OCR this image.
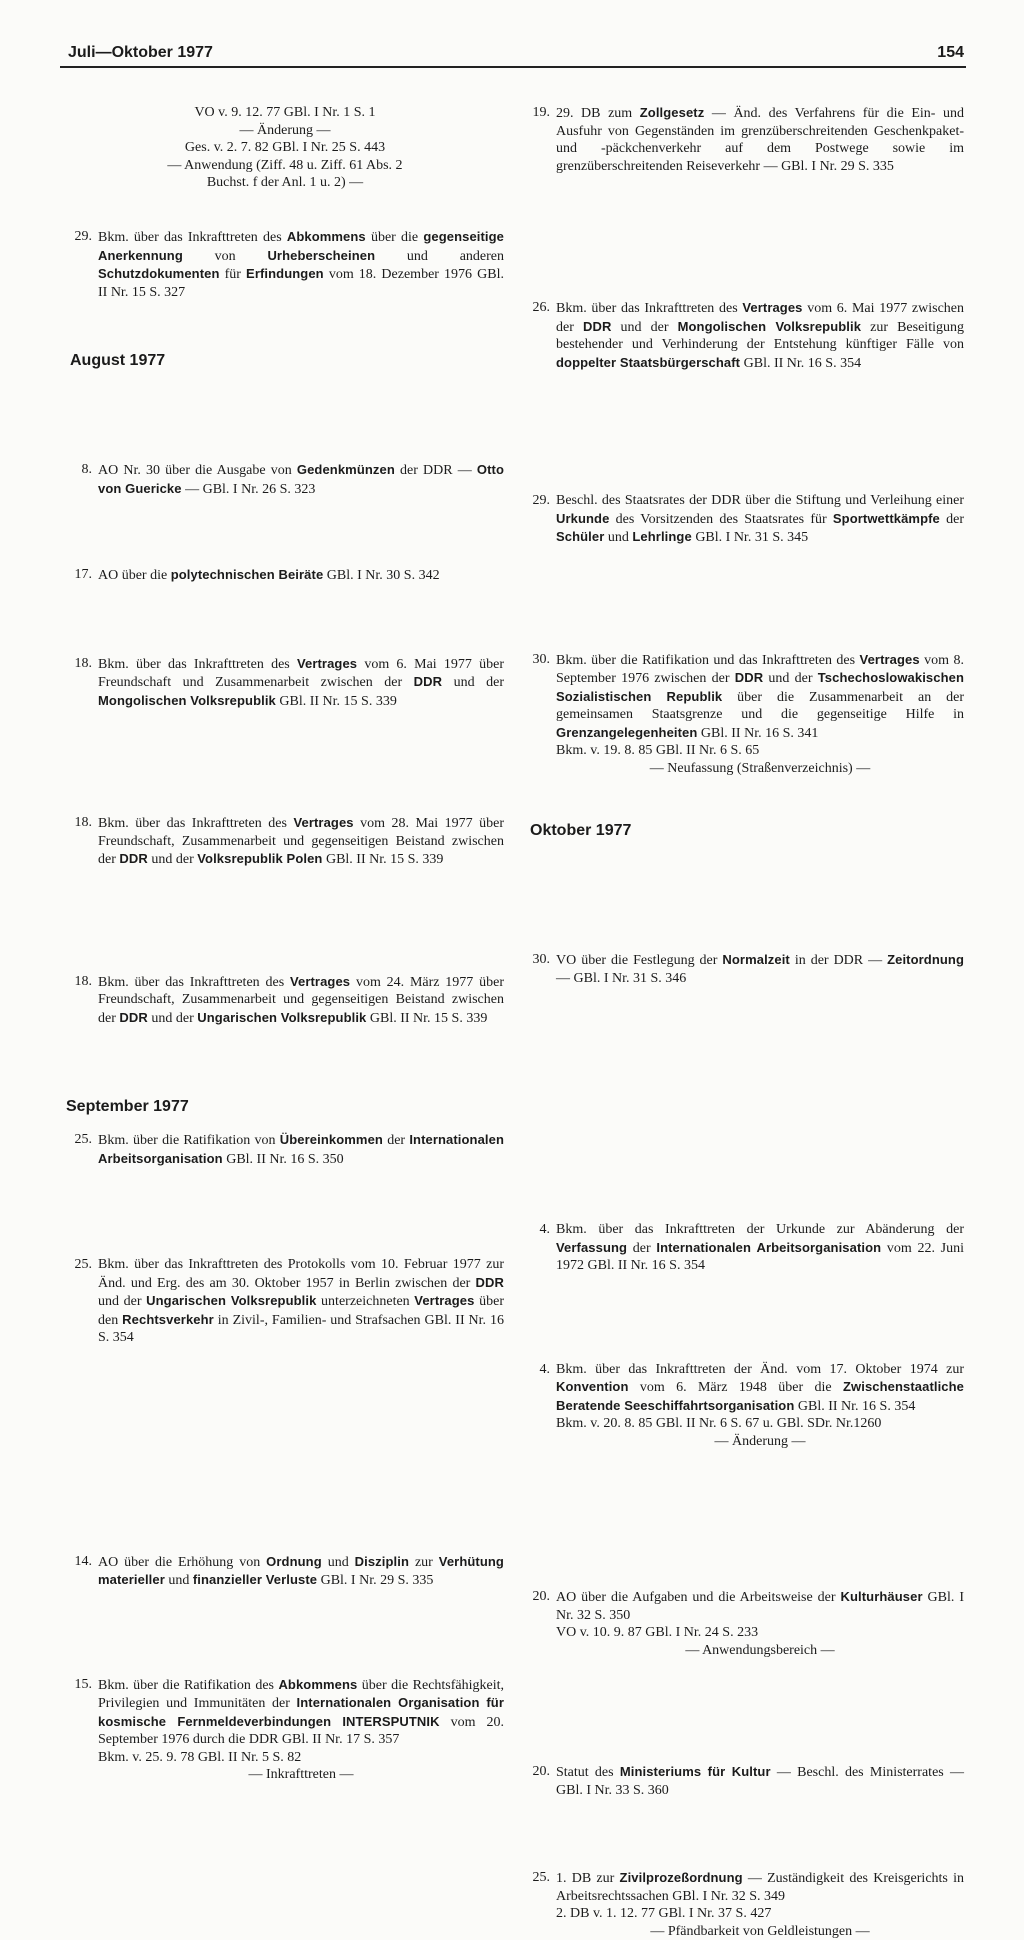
Juli—Oktober 1977	154
VO v. 9. 12. 77 GBl. I Nr. 1 S. 1
— Änderung —
Ges. v. 2. 7. 82 GBl. I Nr. 25 S. 443
— Anwendung (Ziff. 48 u. Ziff. 61 Abs. 2
Buchst. f der Anl. 1 u. 2) —
29. Bkm. über das Inkrafttreten des Abkommens über die gegenseitige Anerkennung von Urheberscheinen und anderen Schutzdokumenten für Erfindungen vom 18. Dezember 1976 GBl. II Nr. 15 S. 327
August 1977
8. AO Nr. 30 über die Ausgabe von Gedenkmünzen der DDR — Otto von Guericke — GBl. I Nr. 26 S. 323
17. AO über die polytechnischen Beiräte GBl. I Nr. 30 S. 342
18. Bkm. über das Inkrafttreten des Vertrages vom 6. Mai 1977 über Freundschaft und Zusammenarbeit zwischen der DDR und der Mongolischen Volksrepublik GBl. II Nr. 15 S. 339
18. Bkm. über das Inkrafttreten des Vertrages vom 28. Mai 1977 über Freundschaft, Zusammenarbeit und gegenseitigen Beistand zwischen der DDR und der Volksrepublik Polen GBl. II Nr. 15 S. 339
18. Bkm. über das Inkrafttreten des Vertrages vom 24. März 1977 über Freundschaft, Zusammenarbeit und gegenseitigen Beistand zwischen der DDR und der Ungarischen Volksrepublik GBl. II Nr. 15 S. 339
25. Bkm. über die Ratifikation von Übereinkommen der Internationalen Arbeitsorganisation GBl. II Nr. 16 S. 350
25. Bkm. über das Inkrafttreten des Protokolls vom 10. Februar 1977 zur Änd. und Erg. des am 30. Oktober 1957 in Berlin zwischen der DDR und der Ungarischen Volksrepublik unterzeichneten Vertrages über den Rechtsverkehr in Zivil-, Familien- und Strafsachen GBl. II Nr. 16 S. 354
September 1977
14. AO über die Erhöhung von Ordnung und Disziplin zur Verhütung materieller und finanzieller Verluste GBl. I Nr. 29 S. 335
15. Bkm. über die Ratifikation des Abkommens über die Rechtsfähigkeit, Privilegien und Immunitäten der Internationalen Organisation für kosmische Fernmeldeverbindungen INTERSPUTNIK vom 20. September 1976 durch die DDR GBl. II Nr. 17 S. 357
Bkm. v. 25. 9. 78 GBl. II Nr. 5 S. 82
— Inkrafttreten —
19. 29. DB zum Zollgesetz — Änd. des Verfahrens für die Ein- und Ausfuhr von Gegenständen im grenzüberschreitenden Geschenkpaket- und -päckchenverkehr auf dem Postwege sowie im grenzüberschreitenden Reiseverkehr — GBl. I Nr. 29 S. 335
26. Bkm. über das Inkrafttreten des Vertrages vom 6. Mai 1977 zwischen der DDR und der Mongolischen Volksrepublik zur Beseitigung bestehender und Verhinderung der Entstehung künftiger Fälle von doppelter Staatsbürgerschaft GBl. II Nr. 16 S. 354
29. Beschl. des Staatsrates der DDR über die Stiftung und Verleihung einer Urkunde des Vorsitzenden des Staatsrates für Sportwettkämpfe der Schüler und Lehrlinge GBl. I Nr. 31 S. 345
30. Bkm. über die Ratifikation und das Inkrafttreten des Vertrages vom 8. September 1976 zwischen der DDR und der Tschechoslowakischen Sozialistischen Republik über die Zusammenarbeit an der gemeinsamen Staatsgrenze und die gegenseitige Hilfe in Grenzangelegenheiten GBl. II Nr. 16 S. 341
Bkm. v. 19. 8. 85 GBl. II Nr. 6 S. 65
— Neufassung (Straßenverzeichnis) —
30. VO über die Festlegung der Normalzeit in der DDR — Zeitordnung — GBl. I Nr. 31 S. 346
Oktober 1977
4. Bkm. über das Inkrafttreten der Urkunde zur Abänderung der Verfassung der Internationalen Arbeitsorganisation vom 22. Juni 1972 GBl. II Nr. 16 S. 354
4. Bkm. über das Inkrafttreten der Änd. vom 17. Oktober 1974 zur Konvention vom 6. März 1948 über die Zwischenstaatliche Beratende Seeschiffahrtsorganisation GBl. II Nr. 16 S. 354
Bkm. v. 20. 8. 85 GBl. II Nr. 6 S. 67 u. GBl. SDr. Nr.1260
— Änderung —
20. AO über die Aufgaben und die Arbeitsweise der Kulturhäuser GBl. I Nr. 32 S. 350
VO v. 10. 9. 87 GBl. I Nr. 24 S. 233
— Anwendungsbereich —
20. Statut des Ministeriums für Kultur — Beschl. des Ministerrates — GBl. I Nr. 33 S. 360
25. 1. DB zur Zivilprozeßordnung — Zuständigkeit des Kreisgerichts in Arbeitsrechtssachen GBl. I Nr. 32 S. 349
2. DB v. 1. 12. 77 GBl. I Nr. 37 S. 427
— Pfändbarkeit von Geldleistungen —
